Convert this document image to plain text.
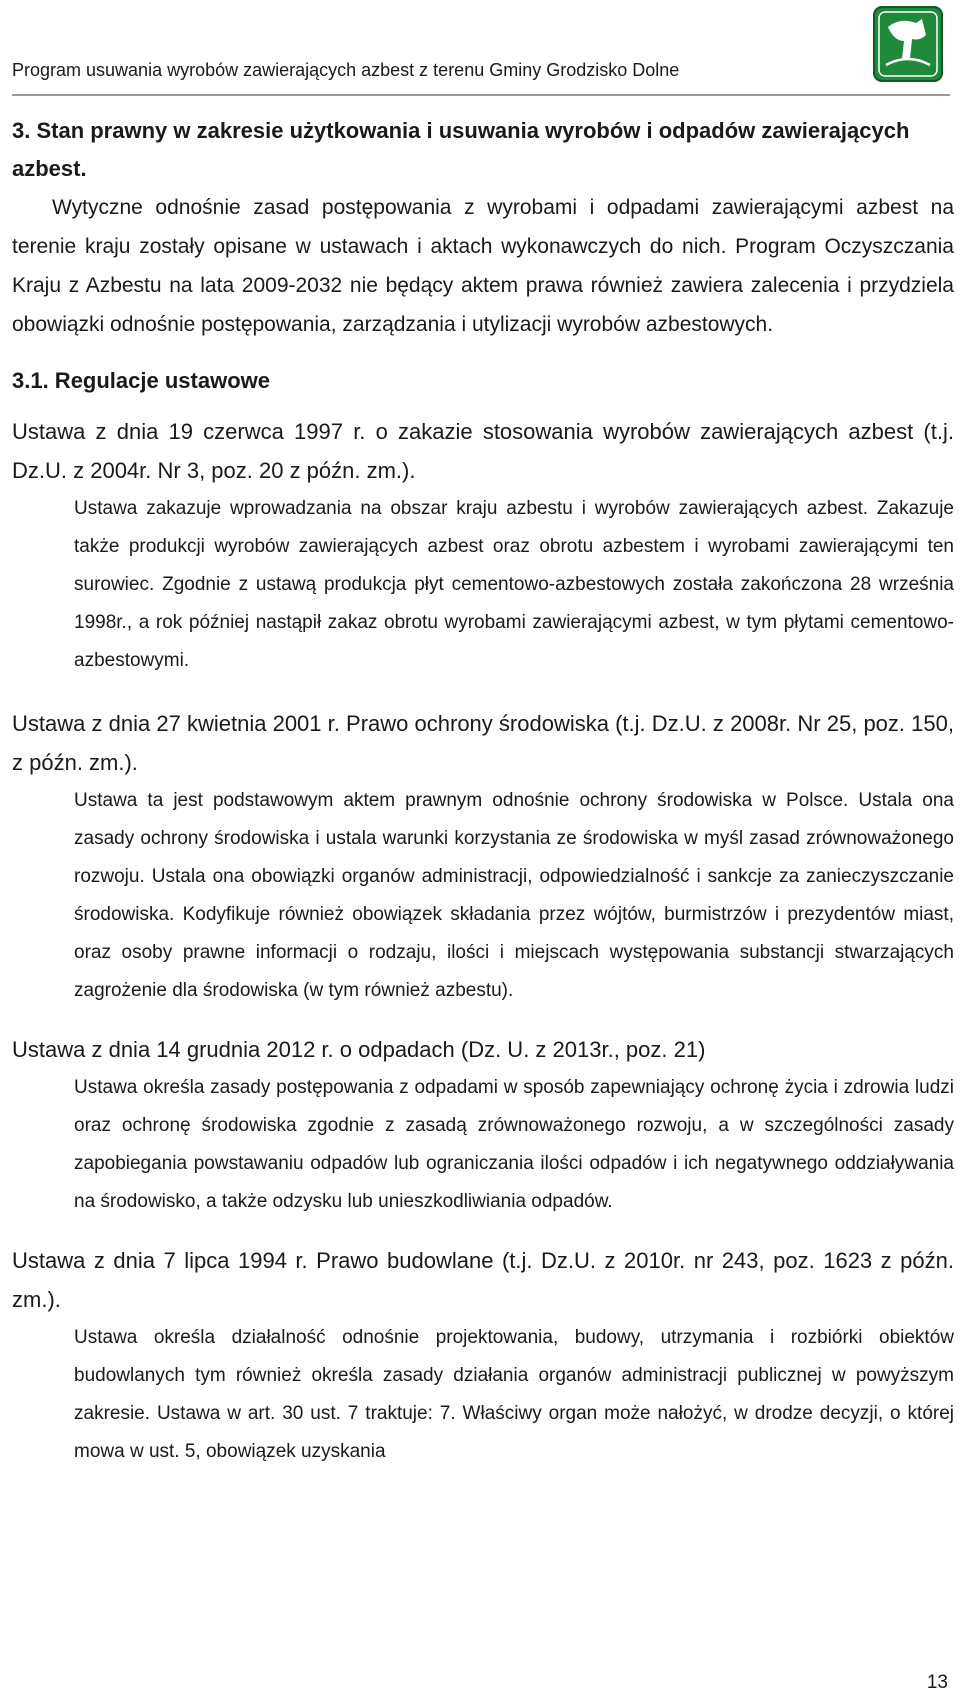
Program usuwania wyrobów zawierających azbest z terenu Gminy Grodzisko Dolne

3. Stan prawny w zakresie użytkowania i usuwania wyrobów i odpadów zawierających azbest.

Wytyczne odnośnie zasad postępowania z wyrobami i odpadami zawierającymi azbest na terenie kraju zostały opisane w ustawach i aktach wykonawczych do nich. Program Oczyszczania Kraju z Azbestu na lata 2009-2032 nie będący aktem prawa również zawiera zalecenia i przydziela obowiązki odnośnie postępowania, zarządzania i utylizacji wyrobów azbestowych.

3.1. Regulacje ustawowe

Ustawa z dnia 19 czerwca 1997 r. o zakazie stosowania wyrobów zawierających azbest (t.j. Dz.U. z 2004r. Nr 3, poz. 20 z późn. zm.).

Ustawa zakazuje wprowadzania na obszar kraju azbestu i wyrobów zawierających azbest. Zakazuje także produkcji wyrobów zawierających azbest oraz obrotu azbestem i wyrobami zawierającymi ten surowiec. Zgodnie z ustawą produkcja płyt cementowo-azbestowych została zakończona 28 września 1998r., a rok później nastąpił zakaz obrotu wyrobami zawierającymi azbest, w tym płytami cementowo-azbestowymi.

Ustawa z dnia 27 kwietnia 2001 r. Prawo ochrony środowiska (t.j. Dz.U. z 2008r. Nr 25, poz. 150, z późn. zm.).

Ustawa ta jest podstawowym aktem prawnym odnośnie ochrony środowiska w Polsce. Ustala ona zasady ochrony środowiska i ustala warunki korzystania ze środowiska w myśl zasad zrównoważonego rozwoju. Ustala ona obowiązki organów administracji, odpowiedzialność i sankcje za zanieczyszczanie środowiska. Kodyfikuje również obowiązek składania przez wójtów, burmistrzów i prezydentów miast, oraz osoby prawne informacji o rodzaju, ilości i miejscach występowania substancji stwarzających zagrożenie dla środowiska (w tym również azbestu).

Ustawa z dnia 14 grudnia 2012 r. o odpadach (Dz. U. z 2013r., poz. 21)

Ustawa określa zasady postępowania z odpadami w sposób zapewniający ochronę życia i zdrowia ludzi oraz ochronę środowiska zgodnie z zasadą zrównoważonego rozwoju, a w szczególności zasady zapobiegania powstawaniu odpadów lub ograniczania ilości odpadów i ich negatywnego oddziaływania na środowisko, a także odzysku lub unieszkodliwiania odpadów.

Ustawa z dnia 7 lipca 1994 r. Prawo budowlane (t.j. Dz.U. z 2010r. nr 243, poz. 1623 z późn. zm.).

Ustawa określa działalność odnośnie projektowania, budowy, utrzymania i rozbiórki obiektów budowlanych tym również określa zasady działania organów administracji publicznej w powyższym zakresie. Ustawa w art. 30 ust. 7 traktuje: 7. Właściwy organ może nałożyć, w drodze decyzji, o której mowa w ust. 5, obowiązek uzyskania

13
